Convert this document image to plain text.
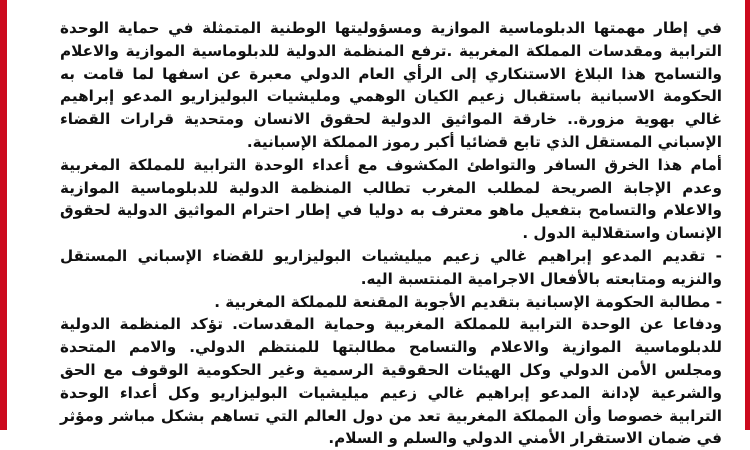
في إطار مهمتها الدبلوماسية الموازية ومسؤوليتها الوطنية المتمثلة في حماية الوحدة الترابية ومقدسات المملكة المغربية .ترفع المنظمة الدولية للدبلوماسية الموازية والاعلام والتسامح هذا البلاغ الاستنكاري إلى الرأي العام الدولي معبرة عن اسفها لما قامت به الحكومة الاسبانية باستقبال زعيم الكيان الوهمي ومليشيات البوليزاريو المدعو إبراهيم غالي بهوية مزورة.. خارقة المواثيق الدولية لحقوق الانسان ومتحدية قرارات القضاء الإسباني المستقل الذي تابع قضائيا أكبر رموز المملكة الإسبانية.

أمام هذا الخرق السافر والتواطئ المكشوف مع أعداء الوحدة الترابية للمملكة المغربية وعدم الإجابة الصريحة لمطلب المغرب تطالب المنظمة الدولية للدبلوماسية الموازية والاعلام والتسامح بتفعيل ماهو معترف به دوليا في إطار احترام المواثيق الدولية لحقوق الإنسان واستقلالية الدول .

- تقديم المدعو إبراهيم غالي زعيم ميليشيات البوليزاريو للقضاء الإسباني المستقل والنزيه ومتابعته بالأفعال الاجرامية المنتسبة اليه.

- مطالبة الحكومة الإسبانية بتقديم الأجوبة المقنعة للمملكة المغربية .

ودفاعا عن الوحدة الترابية للمملكة المغربية وحماية المقدسات. تؤكد المنظمة الدولية للدبلوماسية الموازية والاعلام والتسامح مطالبتها للمنتظم الدولي. والامم المتحدة ومجلس الأمن الدولي وكل الهيئات الحقوقية الرسمية وغير الحكومية الوقوف مع الحق والشرعية لإدانة المدعو إبراهيم غالي زعيم ميليشيات البوليزاريو وكل أعداء الوحدة الترابية خصوصا وأن المملكة المغربية تعد من دول العالم التي تساهم بشكل مباشر ومؤثر في ضمان الاستقرار الأمني الدولي والسلم و السلام.
